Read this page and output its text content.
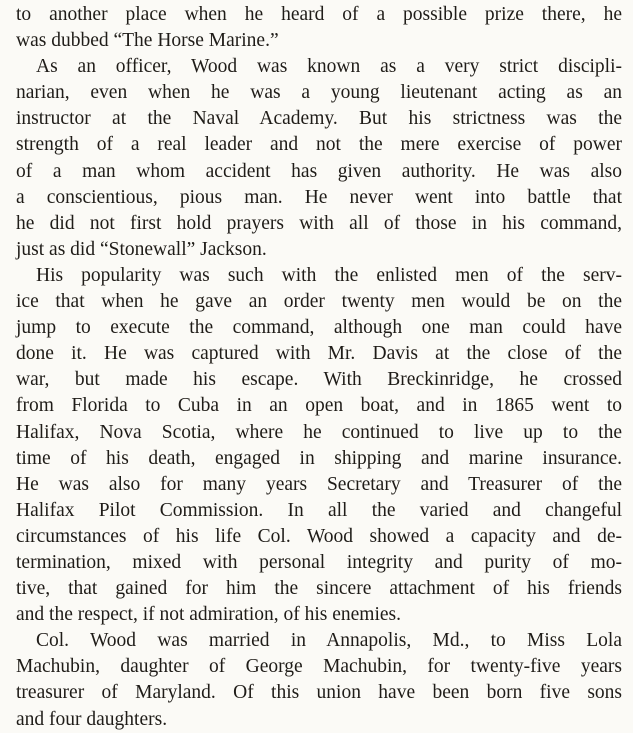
to another place when he heard of a possible prize there, he
was dubbed “The Horse Marine.”

As an officer, Wood was known as a very strict discipli-
narian, even when he was a young lieutenant acting as an
instructor at the Naval Academy. But his strictness was the
strength of a real leader and not the mere exercise of power
of a man whom accident has given authority. He was also
a conscientious, pious man. He never went into battle that
he did not first hold prayers with all of those in his command,
just as did “Stonewall” Jackson.

His popularity was such with the enlisted men of the serv-
ice that when he gave an order twenty men would be on the
jump to execute the command, although one man could have
done it. He was captured with Mr. Davis at the close of the
war, but made his escape. With Breckinridge, he crossed
from Florida to Cuba in an open boat, and in 1865 went to
Halifax, Nova Scotia, where he continued to live up to the
time of his death, engaged in shipping and marine insurance.
He was also for many years Secretary and Treasurer of the
Halifax Pilot Commission. In all the varied and changeful
circumstances of his life Col. Wood showed a capacity and de-
termination, mixed with personal integrity and purity of mo-
tive, that gained for him the sincere attachment of his friends
and the respect, if not admiration, of his enemies.

Col. Wood was married in Annapolis, Md., to Miss Lola
Machubin, daughter of George Machubin, for twenty-five years
treasurer of Maryland. Of this union have been born five sons
and four daughters.
